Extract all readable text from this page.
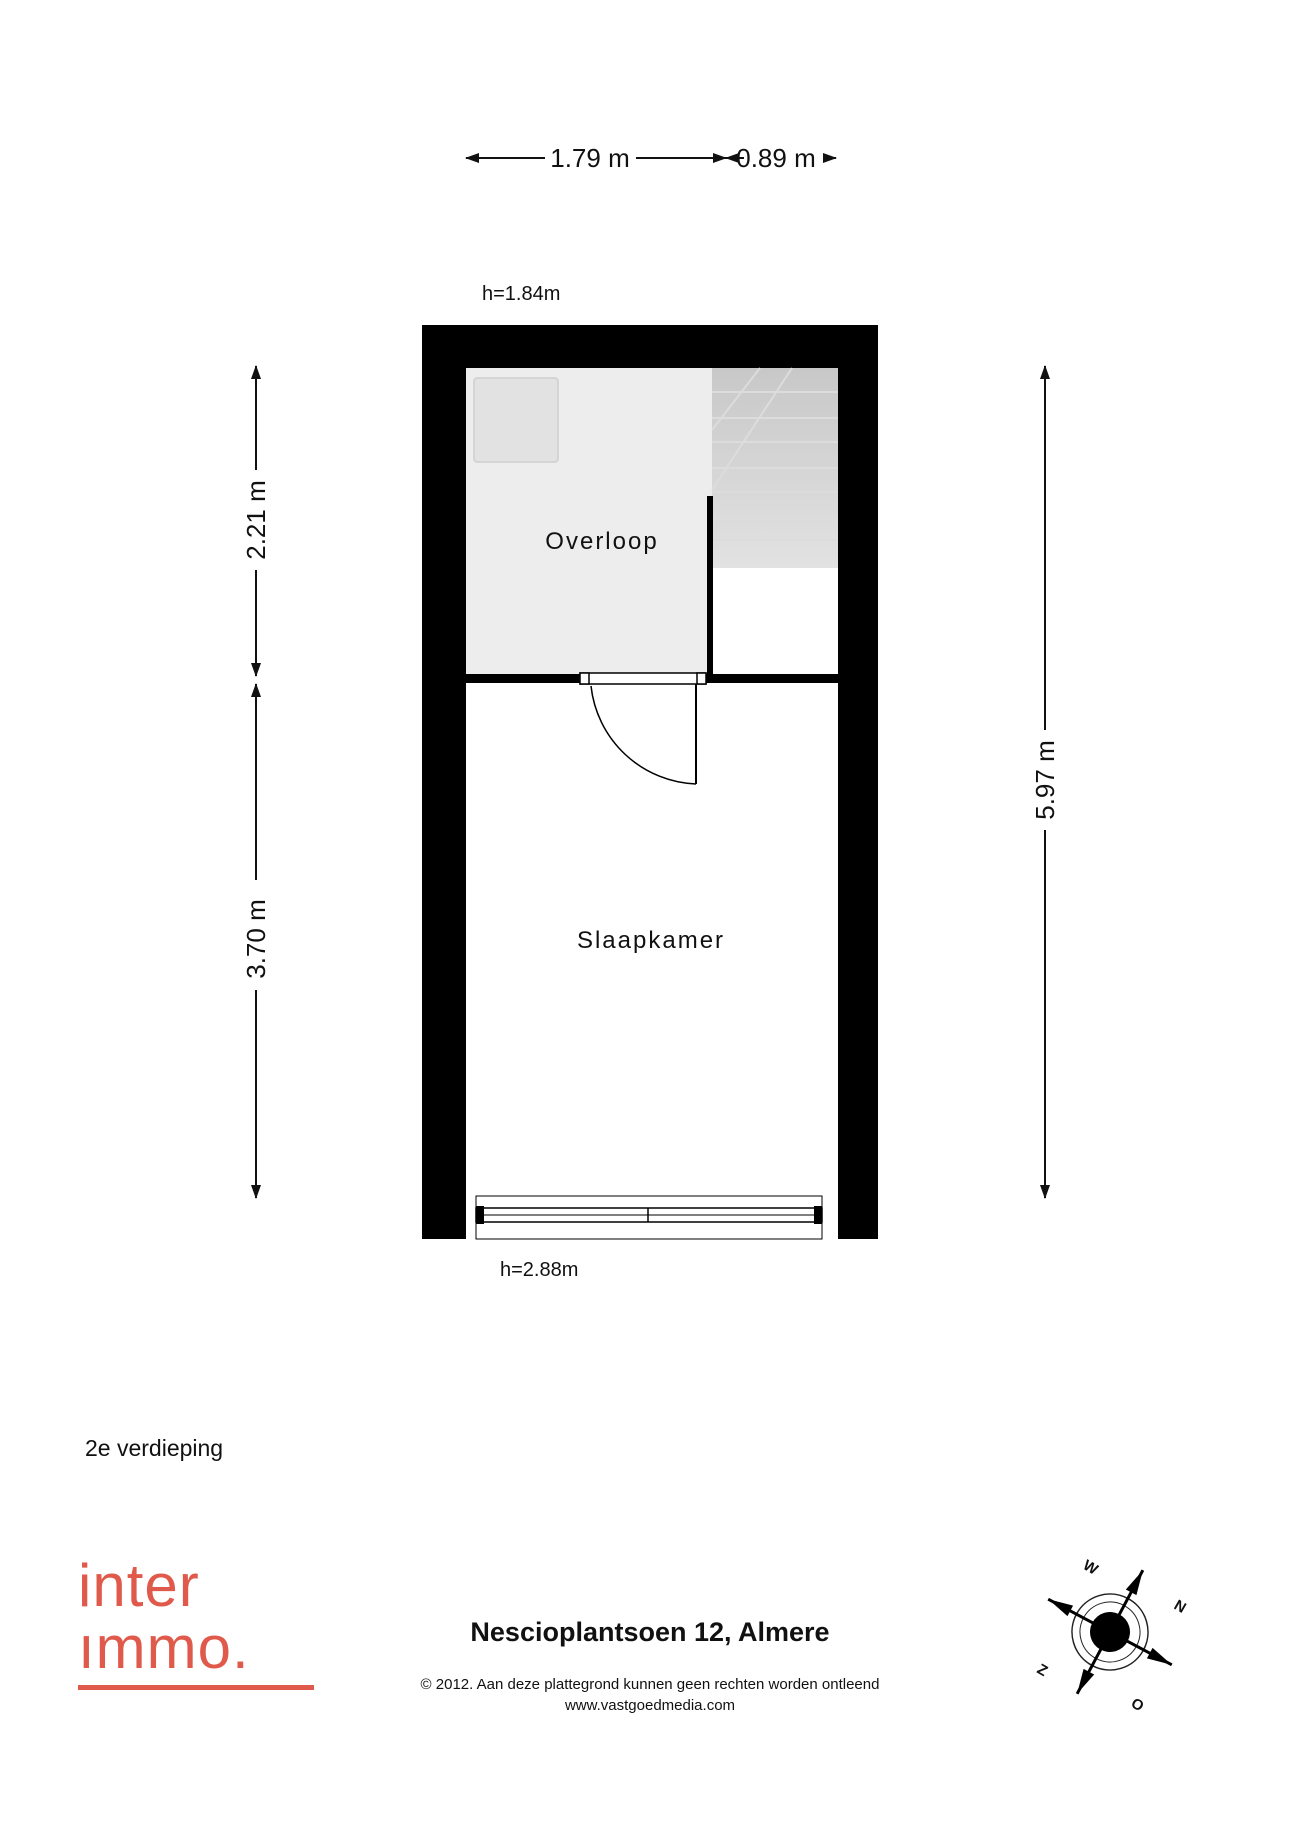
1.79 m	0.89 m
2.21 m
3.70 m
5.97 m
h=1.84m
h=2.88m
Overloop
Slaapkamer
W
N
Z
O
2e verdieping
inter
ımmo.	Nescioplantsoen 12, Almere
© 2012. Aan deze plattegrond kunnen geen rechten worden ontleend
www.vastgoedmedia.com
